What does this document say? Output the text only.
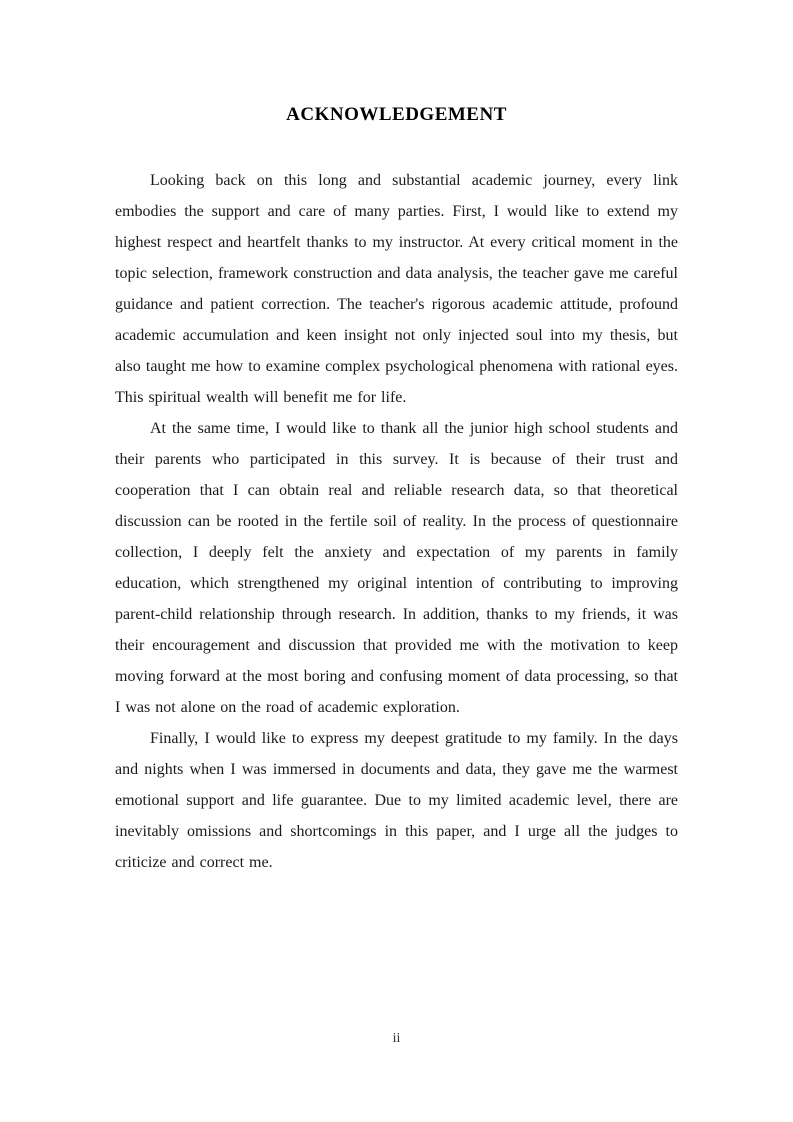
ACKNOWLEDGEMENT

Looking back on this long and substantial academic journey, every link embodies the support and care of many parties. First, I would like to extend my highest respect and heartfelt thanks to my instructor. At every critical moment in the topic selection, framework construction and data analysis, the teacher gave me careful guidance and patient correction. The teacher's rigorous academic attitude, profound academic accumulation and keen insight not only injected soul into my thesis, but also taught me how to examine complex psychological phenomena with rational eyes. This spiritual wealth will benefit me for life.

At the same time, I would like to thank all the junior high school students and their parents who participated in this survey. It is because of their trust and cooperation that I can obtain real and reliable research data, so that theoretical discussion can be rooted in the fertile soil of reality. In the process of questionnaire collection, I deeply felt the anxiety and expectation of my parents in family education, which strengthened my original intention of contributing to improving parent-child relationship through research. In addition, thanks to my friends, it was their encouragement and discussion that provided me with the motivation to keep moving forward at the most boring and confusing moment of data processing, so that I was not alone on the road of academic exploration.

Finally, I would like to express my deepest gratitude to my family. In the days and nights when I was immersed in documents and data, they gave me the warmest emotional support and life guarantee. Due to my limited academic level, there are inevitably omissions and shortcomings in this paper, and I urge all the judges to criticize and correct me.

ii
